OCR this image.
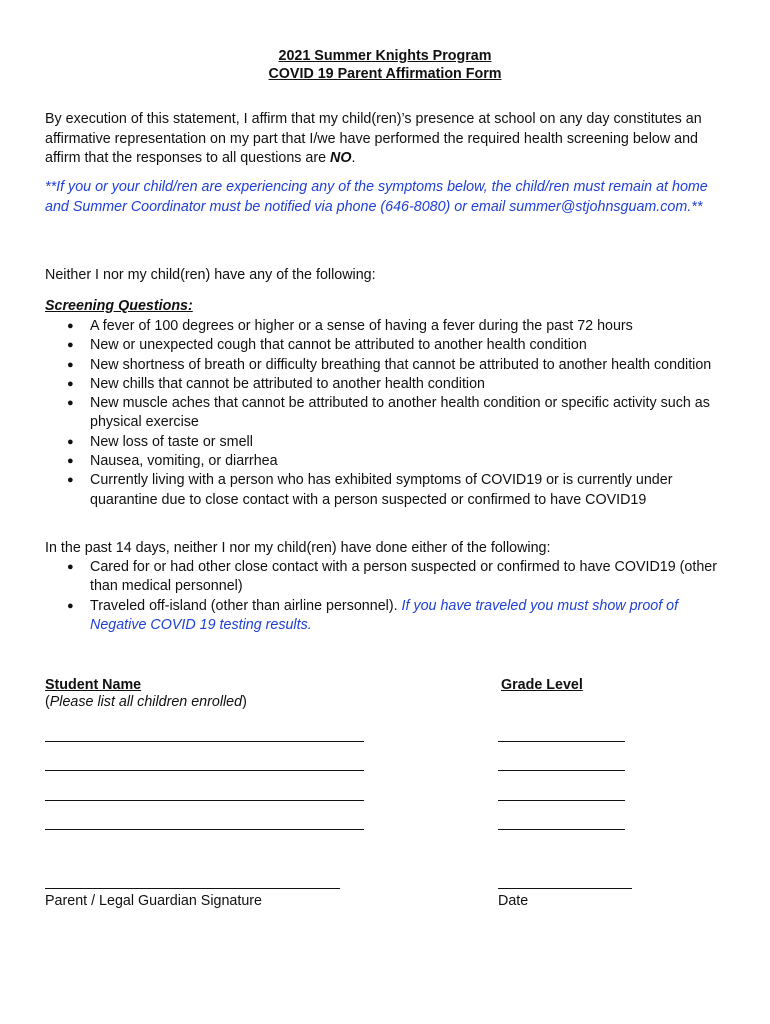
2021 Summer Knights Program
COVID 19 Parent Affirmation Form
By execution of this statement, I affirm that my child(ren)’s presence at school on any day constitutes an affirmative representation on my part that I/we have performed the required health screening below and affirm that the responses to all questions are NO.
**If you or your child/ren are experiencing any of the symptoms below, the child/ren must remain at home and Summer Coordinator must be notified via phone (646-8080) or email summer@stjohnsguam.com.**
Neither I nor my child(ren) have any of the following:
Screening Questions:
● A fever of 100 degrees or higher or a sense of having a fever during the past 72 hours
● New or unexpected cough that cannot be attributed to another health condition
● New shortness of breath or difficulty breathing that cannot be attributed to another health condition
● New chills that cannot be attributed to another health condition
● New muscle aches that cannot be attributed to another health condition or specific activity such as physical exercise
● New loss of taste or smell
● Nausea, vomiting, or diarrhea
● Currently living with a person who has exhibited symptoms of COVID19 or is currently under quarantine due to close contact with a person suspected or confirmed to have COVID19
In the past 14 days, neither I nor my child(ren) have done either of the following:
● Cared for or had other close contact with a person suspected or confirmed to have COVID19 (other than medical personnel)
● Traveled off-island (other than airline personnel). If you have traveled you must show proof of Negative COVID 19 testing results.
Student Name	Grade Level
(Please list all children enrolled)
Parent / Legal Guardian Signature	Date
